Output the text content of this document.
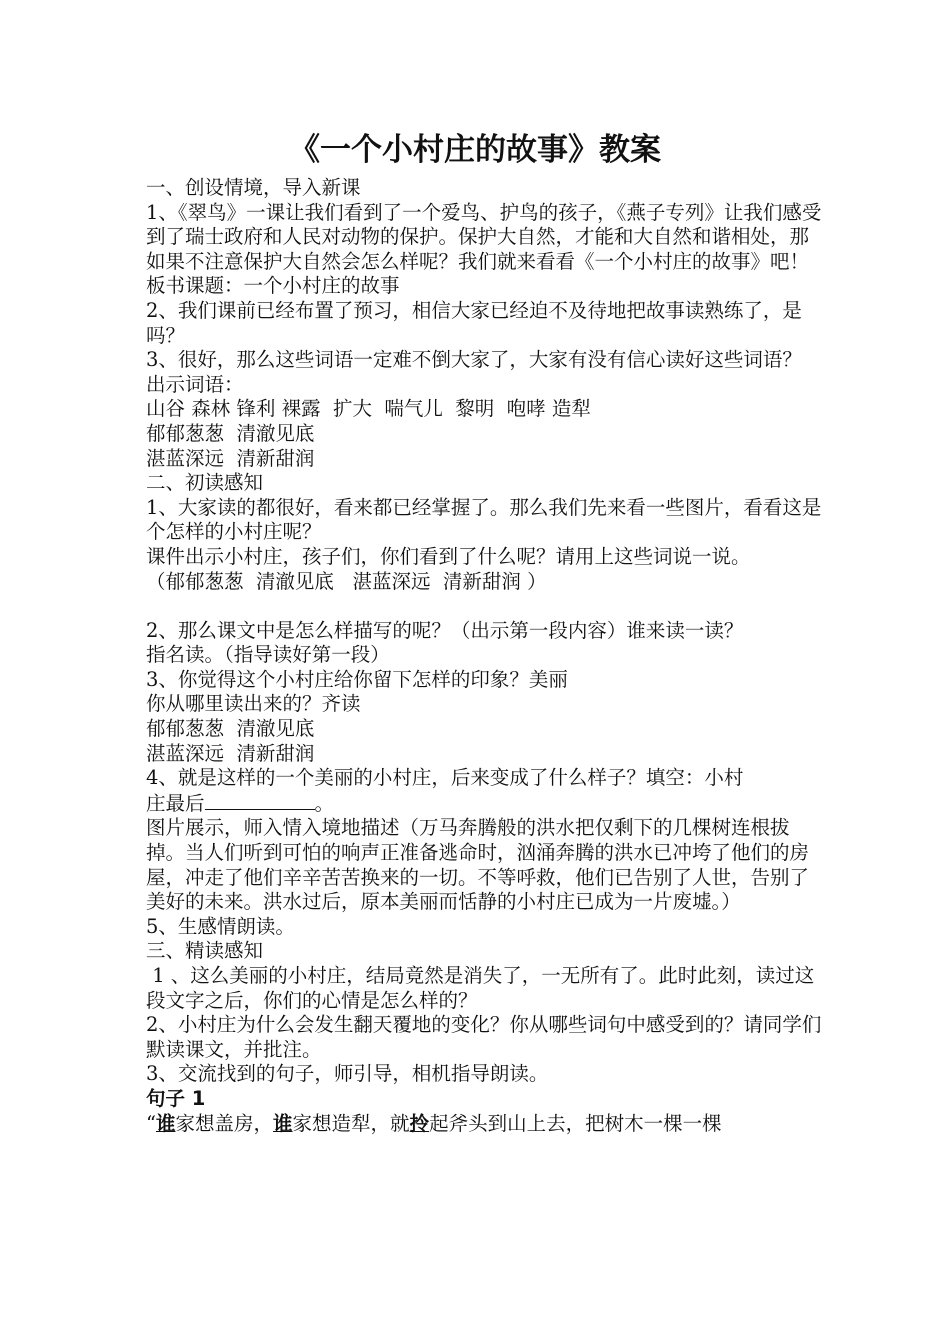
《一个小村庄的故事》教案

一、创设情境，导入新课

1、《翠鸟》一课让我们看到了一个爱鸟、护鸟的孩子，《燕子专列》让我们感受到了瑞士政府和人民对动物的保护。保护大自然，才能和大自然和谐相处，那如果不注意保护大自然会怎么样呢？我们就来看看《一个小村庄的故事》吧！

板书课题：一个小村庄的故事

2、我们课前已经布置了预习，相信大家已经迫不及待地把故事读熟练了，是吗？

3、很好，那么这些词语一定难不倒大家了，大家有没有信心读好这些词语？

出示词语：

山谷 森林 锋利 裸露  扩大  喘气儿  黎明  咆哮 造犁

郁郁葱葱  清澈见底

湛蓝深远  清新甜润

二、初读感知

1、大家读的都很好，看来都已经掌握了。那么我们先来看一些图片，看看这是个怎样的小村庄呢？

课件出示小村庄，孩子们，你们看到了什么呢？请用上这些词说一说。

（郁郁葱葱  清澈见底   湛蓝深远  清新甜润 ）

2、那么课文中是怎么样描写的呢？（出示第一段内容）谁来读一读？

指名读。（指导读好第一段）

3、你觉得这个小村庄给你留下怎样的印象？美丽

你从哪里读出来的？齐读

郁郁葱葱  清澈见底

湛蓝深远  清新甜润

4、就是这样的一个美丽的小村庄，后来变成了什么样子？填空：小村

庄最后	。

图片展示，师入情入境地描述（万马奔腾般的洪水把仅剩下的几棵树连根拔掉。当人们听到可怕的响声正准备逃命时，汹涌奔腾的洪水已冲垮了他们的房屋，冲走了他们辛辛苦苦换来的一切。不等呼救，他们已告别了人世，告别了美好的未来。洪水过后，原本美丽而恬静的小村庄已成为一片废墟。）

5、生感情朗读。

三、精读感知

1 、这么美丽的小村庄，结局竟然是消失了，一无所有了。此时此刻，读过这段文字之后，你们的心情是怎么样的？

2、小村庄为什么会发生翻天覆地的变化？你从哪些词句中感受到的？请同学们默读课文，并批注。

3、交流找到的句子，师引导，相机指导朗读。

句子 1

“谁家想盖房，谁家想造犁，就拎起斧头到山上去，把树木一棵一棵
